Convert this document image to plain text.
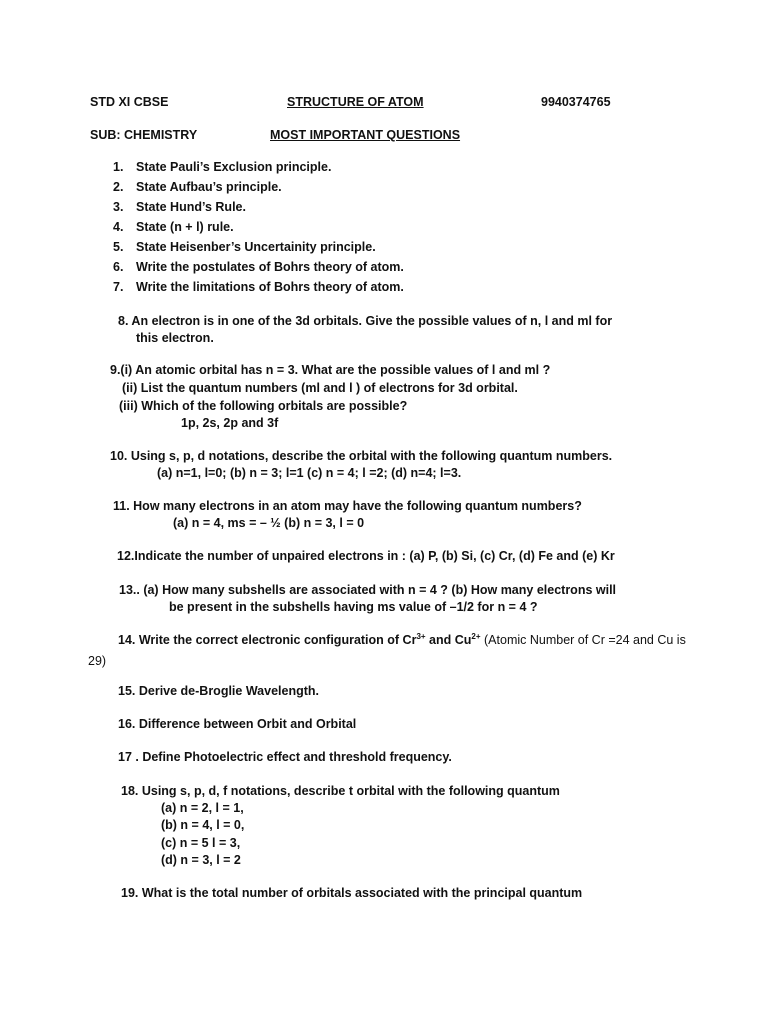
STD XI CBSE	STRUCTURE OF ATOM	9940374765
SUB: CHEMISTRY	MOST IMPORTANT QUESTIONS
1. State Pauli’s Exclusion principle.
2. State Aufbau’s principle.
3. State Hund’s Rule.
4. State (n + l) rule.
5. State Heisenber’s Uncertainity principle.
6. Write the postulates of Bohrs theory of atom.
7. Write the limitations of Bohrs theory of atom.
8. An electron is in one of the 3d orbitals. Give the possible values of n, l and ml for
this electron.
9.(i) An atomic orbital has n = 3. What are the possible values of l and ml ?
(ii) List the quantum numbers (ml and l ) of electrons for 3d orbital.
(iii) Which of the following orbitals are possible?
1p, 2s, 2p and 3f
10. Using s, p, d notations, describe the orbital with the following quantum numbers.
(a) n=1, l=0; (b) n = 3; l=1 (c) n = 4; l =2; (d) n=4; l=3.
11. How many electrons in an atom may have the following quantum numbers?
(a) n = 4, ms = – ½ (b) n = 3, l = 0
12.Indicate the number of unpaired electrons in : (a) P, (b) Si, (c) Cr, (d) Fe and (e) Kr
13.. (a) How many subshells are associated with n = 4 ? (b) How many electrons will
be present in the subshells having ms value of –1/2 for n = 4 ?
14. Write the correct electronic configuration of $Cr^{3+}$ and $Cu^{2+}$ (Atomic Number of Cr =24 and Cu is
29)
15. Derive de-Broglie Wavelength.
16. Difference between Orbit and Orbital
17 . Define Photoelectric effect and threshold frequency.
18. Using s, p, d, f notations, describe t orbital with the following quantum
(a) n = 2, l = 1,
(b) n = 4, l = 0,
(c) n = 5 l = 3,
(d) n = 3, l = 2
19. What is the total number of orbitals associated with the principal quantum
